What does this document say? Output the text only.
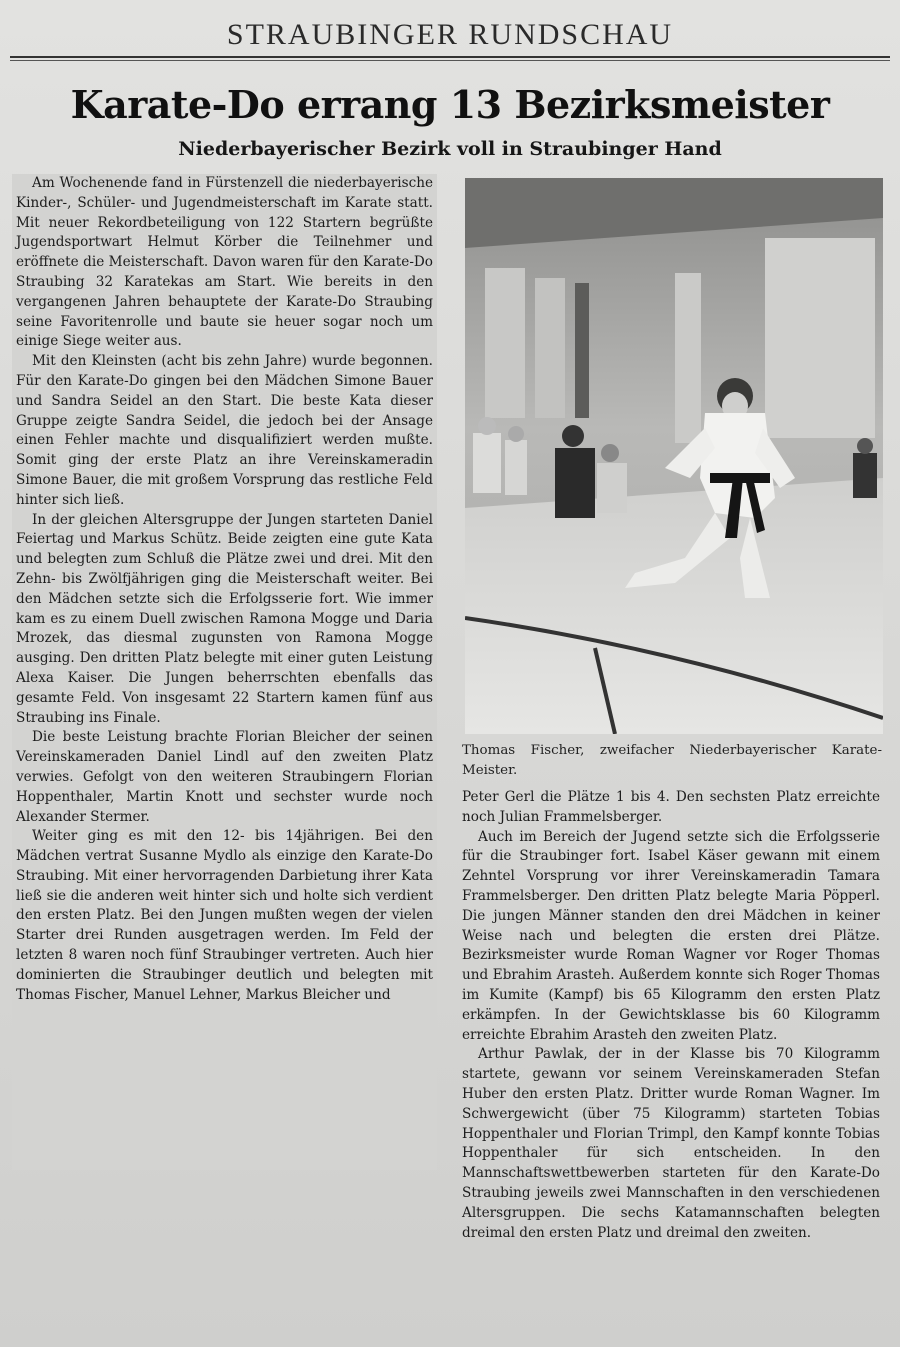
STRAUBINGER RUNDSCHAU
Karate-Do errang 13 Bezirksmeister
Niederbayerischer Bezirk voll in Straubinger Hand

Am Wochenende fand in Fürstenzell die niederbayerische Kinder-, Schüler- und Jugendmeisterschaft im Karate statt. Mit neuer Rekordbeteiligung von 122 Startern begrüßte Jugendsportwart Helmut Körber die Teilnehmer und eröffnete die Meisterschaft. Davon waren für den Karate-Do Straubing 32 Karatekas am Start. Wie bereits in den vergangenen Jahren behauptete der Karate-Do Straubing seine Favoritenrolle und baute sie heuer sogar noch um einige Siege weiter aus.

Mit den Kleinsten (acht bis zehn Jahre) wurde begonnen. Für den Karate-Do gingen bei den Mädchen Simone Bauer und Sandra Seidel an den Start. Die beste Kata dieser Gruppe zeigte Sandra Seidel, die jedoch bei der Ansage einen Fehler machte und disqualifiziert werden mußte. Somit ging der erste Platz an ihre Vereinskameradin Simone Bauer, die mit großem Vorsprung das restliche Feld hinter sich ließ.

In der gleichen Altersgruppe der Jungen starteten Daniel Feiertag und Markus Schütz. Beide zeigten eine gute Kata und belegten zum Schluß die Plätze zwei und drei. Mit den Zehn- bis Zwölfjährigen ging die Meisterschaft weiter. Bei den Mädchen setzte sich die Erfolgsserie fort. Wie immer kam es zu einem Duell zwischen Ramona Mogge und Daria Mrozek, das diesmal zugunsten von Ramona Mogge ausging. Den dritten Platz belegte mit einer guten Leistung Alexa Kaiser. Die Jungen beherrschten ebenfalls das gesamte Feld. Von insgesamt 22 Startern kamen fünf aus Straubing ins Finale.

Die beste Leistung brachte Florian Bleicher der seinen Vereinskameraden Daniel Lindl auf den zweiten Platz verwies. Gefolgt von den weiteren Straubingern Florian Hoppenthaler, Martin Knott und sechster wurde noch Alexander Stermer.

Weiter ging es mit den 12- bis 14jährigen. Bei den Mädchen vertrat Susanne Mydlo als einzige den Karate-Do Straubing. Mit einer hervorragenden Darbietung ihrer Kata ließ sie die anderen weit hinter sich und holte sich verdient den ersten Platz. Bei den Jungen mußten wegen der vielen Starter drei Runden ausgetragen werden. Im Feld der letzten 8 waren noch fünf Straubinger vertreten. Auch hier dominierten die Straubinger deutlich und belegten mit Thomas Fischer, Manuel Lehner, Markus Bleicher und

Thomas Fischer, zweifacher Niederbayerischer Karate-Meister.

Peter Gerl die Plätze 1 bis 4. Den sechsten Platz erreichte noch Julian Frammelsberger.

Auch im Bereich der Jugend setzte sich die Erfolgsserie für die Straubinger fort. Isabel Käser gewann mit einem Zehntel Vorsprung vor ihrer Vereinskameradin Tamara Frammelsberger. Den dritten Platz belegte Maria Pöpperl. Die jungen Männer standen den drei Mädchen in keiner Weise nach und belegten die ersten drei Plätze. Bezirksmeister wurde Roman Wagner vor Roger Thomas und Ebrahim Arasteh. Außerdem konnte sich Roger Thomas im Kumite (Kampf) bis 65 Kilogramm den ersten Platz erkämpfen. In der Gewichtsklasse bis 60 Kilogramm erreichte Ebrahim Arasteh den zweiten Platz.

Arthur Pawlak, der in der Klasse bis 70 Kilogramm startete, gewann vor seinem Vereinskameraden Stefan Huber den ersten Platz. Dritter wurde Roman Wagner. Im Schwergewicht (über 75 Kilogramm) starteten Tobias Hoppenthaler und Florian Trimpl, den Kampf konnte Tobias Hoppenthaler für sich entscheiden. In den Mannschaftswettbewerben starteten für den Karate-Do Straubing jeweils zwei Mannschaften in den verschiedenen Altersgruppen. Die sechs Katamannschaften belegten dreimal den ersten Platz und dreimal den zweiten.
